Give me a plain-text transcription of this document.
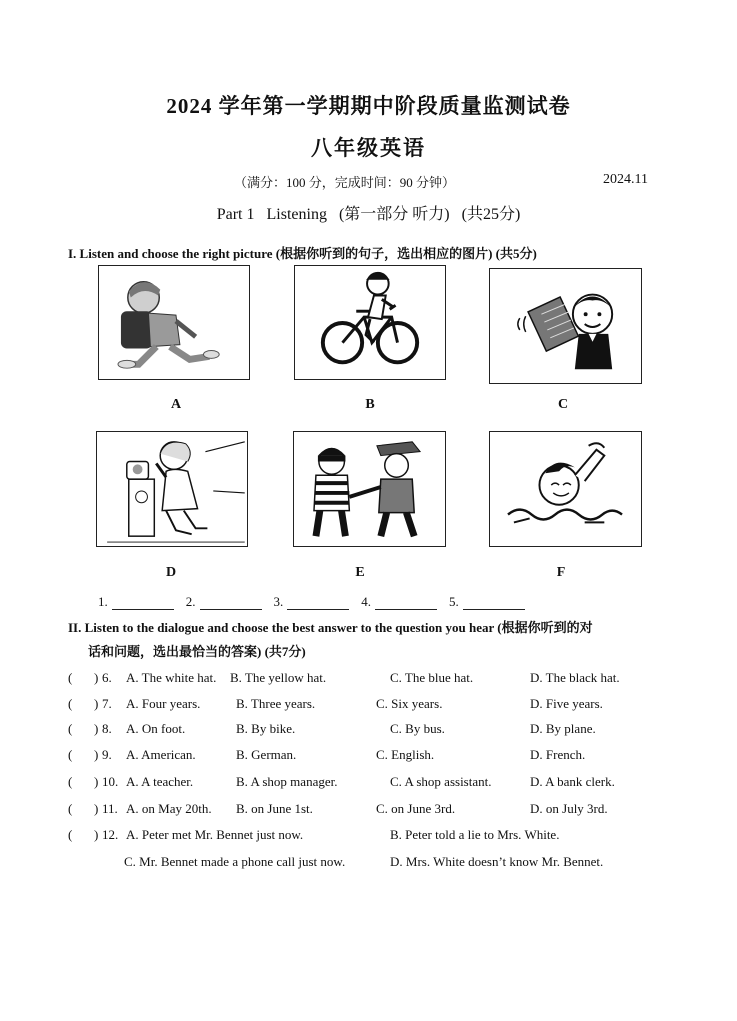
2024 学年第一学期期中阶段质量监测试卷
八年级英语
（满分：100 分，完成时间：90 分钟）	2024.11
Part 1 Listening (第一部分 听力) (共25分)
I. Listen and choose the right picture (根据你听到的句子，选出相应的图片) (共5分)
A	B	C
D	E	F
1.	2.	3.	4.	5.
II. Listen to the dialogue and choose the best answer to the question you hear (根据你听到的对
话和问题，选出最恰当的答案) (共7分)
( ) 6. A. The white hat. B. The yellow hat.	C. The blue hat.	D. The black hat.
( ) 7. A. Four years.	B. Three years.	C. Six years.	D. Five years.
( ) 8. A. On foot.	B. By bike.	C. By bus.	D. By plane.
( ) 9. A. American.	B. German.	C. English.	D. French.
( ) 10. A. A teacher.	B. A shop manager.	C. A shop assistant.	D. A bank clerk.
( ) 11. A. on May 20th. B. on June 1st.	C. on June 3rd.	D. on July 3rd.
( ) 12. A. Peter met Mr. Bennet just now.	B. Peter told a lie to Mrs. White.
C. Mr. Bennet made a phone call just now.	D. Mrs. White doesn’t know Mr. Bennet.
